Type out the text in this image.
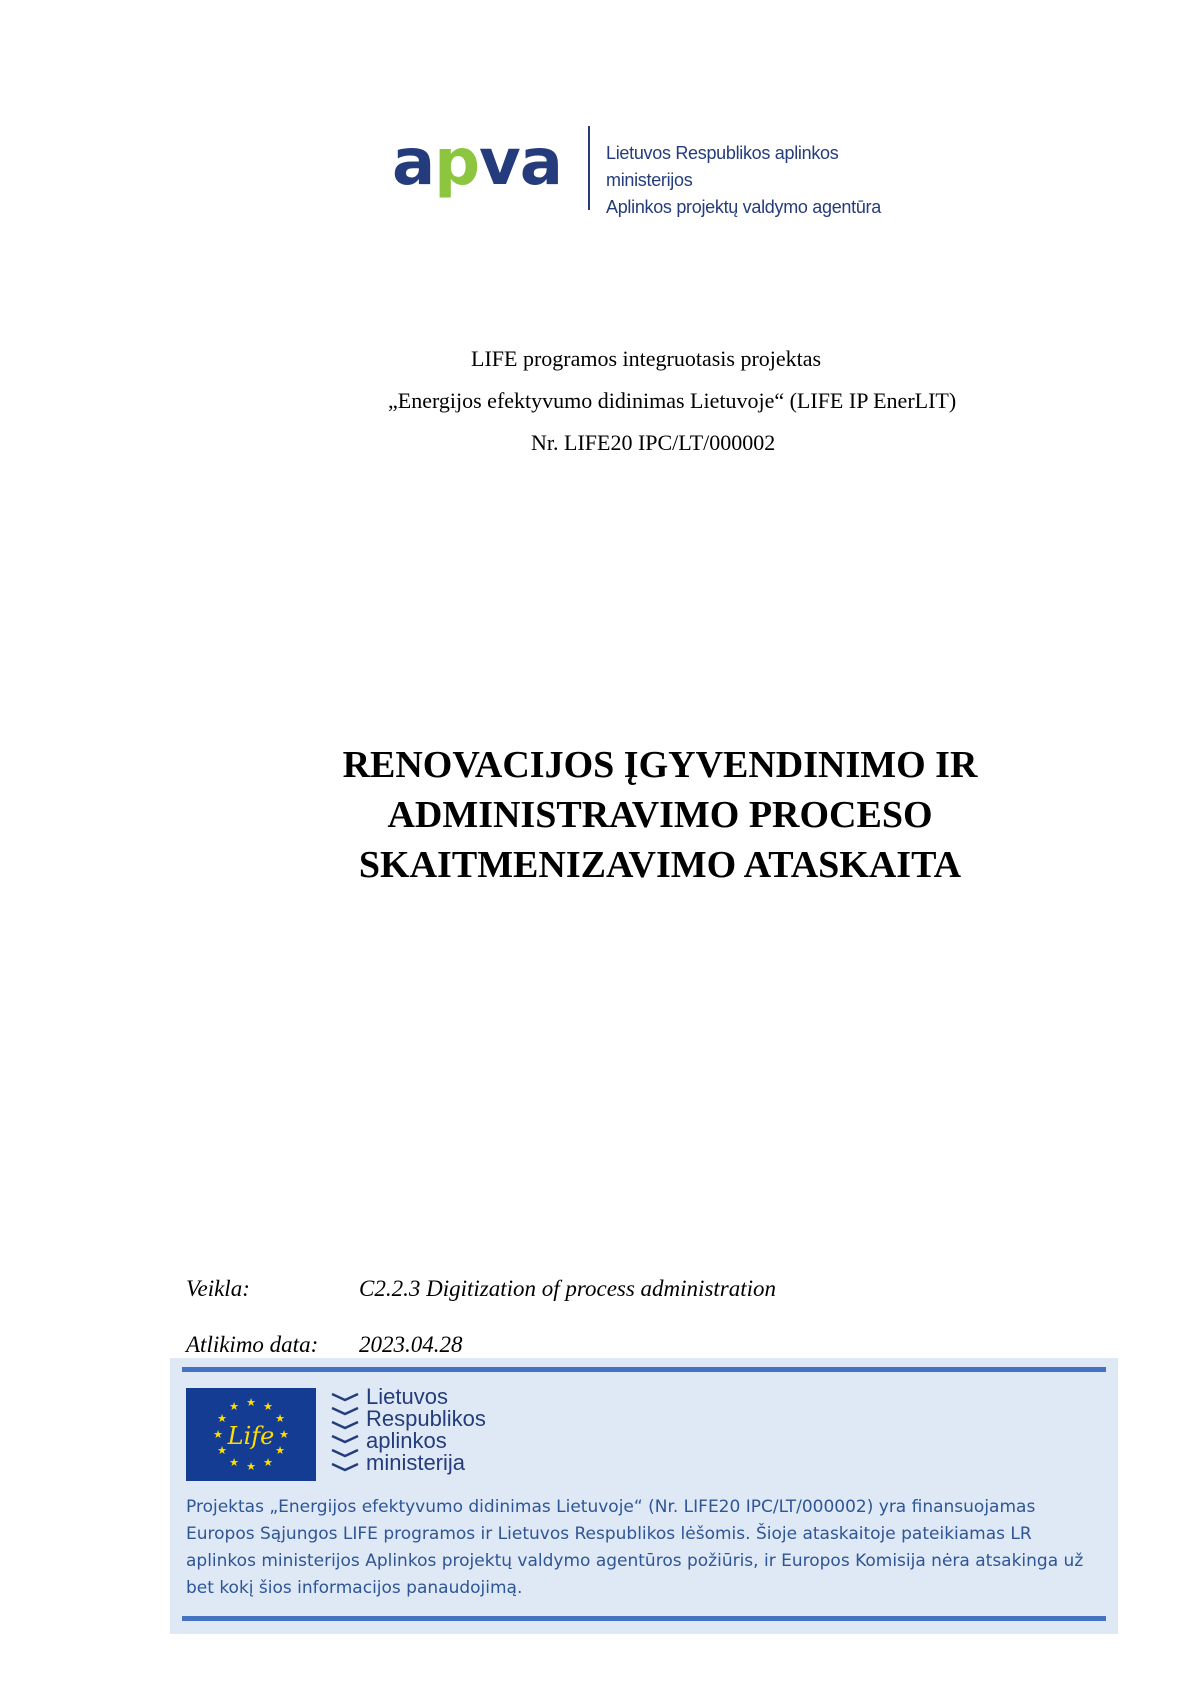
apva Lietuvos Respublikos aplinkos ministerijos
Aplinkos projektų valdymo agentūra
LIFE programos integruotasis projektas
„Energijos efektyvumo didinimas Lietuvoje“ (LIFE IP EnerLIT)
Nr. LIFE20 IPC/LT/000002
RENOVACIJOS ĮGYVENDINIMO IR
ADMINISTRAVIMO PROCESO
SKAITMENIZAVIMO ATASKAITA
Veikla:	C2.2.3 Digitization of process administration
Atlikimo data: 2023.04.28
★ ★
★
★
★
★
★
★
★
★
★
★
Life
Lietuvos
Respublikos
aplinkos
ministerija
Projektas „Energijos efektyvumo didinimas Lietuvoje“ (Nr. LIFE20 IPC/LT/000002) yra finansuojamas Europos Sąjungos LIFE programos ir Lietuvos Respublikos lėšomis. Šioje ataskaitoje pateikiamas LR aplinkos ministerijos Aplinkos projektų valdymo agentūros požiūris, ir Europos Komisija nėra atsakinga už bet kokį šios informacijos panaudojimą.
